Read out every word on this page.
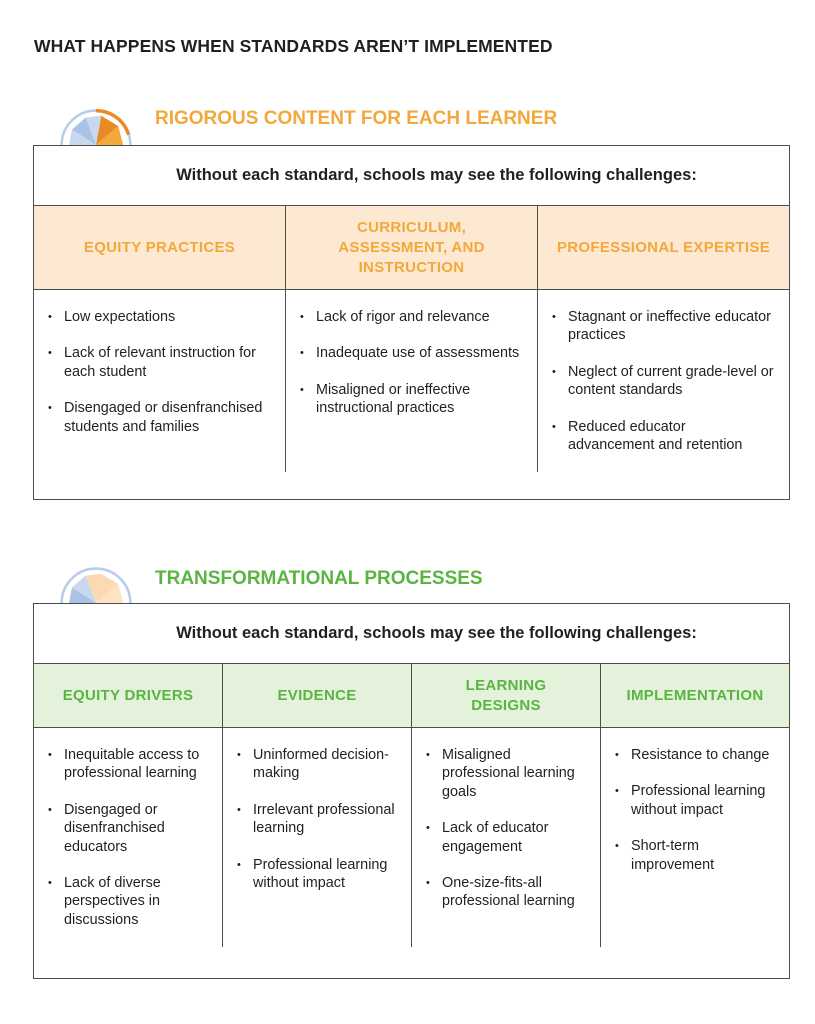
WHAT HAPPENS WHEN STANDARDS AREN’T IMPLEMENTED
RIGOROUS CONTENT FOR EACH LEARNER
Without each standard, schools may see the following challenges:
EQUITY PRACTICES
• Low expectations
• Lack of relevant instruction for each student
• Disengaged or disenfranchised students and families
CURRICULUM, ASSESSMENT, AND INSTRUCTION
• Lack of rigor and relevance
• Inadequate use of assessments
• Misaligned or ineffective instructional practices
PROFESSIONAL EXPERTISE
• Stagnant or ineffective educator practices
• Neglect of current grade-level or content standards
• Reduced educator advancement and retention
TRANSFORMATIONAL PROCESSES
Without each standard, schools may see the following challenges:
EQUITY DRIVERS
• Inequitable access to professional learning
• Disengaged or disenfranchised educators
• Lack of diverse perspectives in discussions
EVIDENCE
• Uninformed decision-making
• Irrelevant professional learning
• Professional learning without impact
LEARNING DESIGNS
• Misaligned professional learning goals
• Lack of educator engagement
• One-size-fits-all professional learning
IMPLEMENTATION
• Resistance to change
• Professional learning without impact
• Short-term improvement
